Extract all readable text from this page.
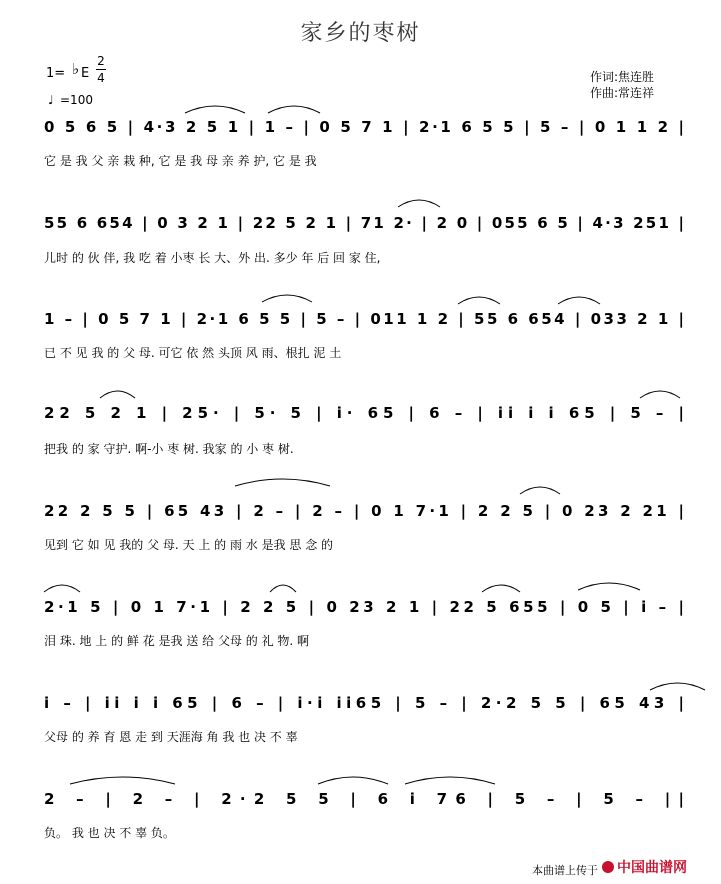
家乡的枣树
作词:焦连胜
作曲:常连祥
1= ♭ E
2
4
♩ =100
0 5 6 5 | 4·3 2 5 1 | 1 – | 0 5 7 1 | 2·1 6 5 5 | 5 – | 0 1 1 2 |
它 是 我 父 亲 栽 种, 它 是 我 母 亲 养 护, 它 是 我
55 6 654 | 0 3 2 1 | 22 5 2 1 | 71 2· | 2 0 | 055 6 5 | 4·3 251 |
儿时 的 伙 伴, 我 吃 着 小枣 长 大、外 出. 多少 年 后 回 家 住,
1 – | 0 5 7 1 | 2·1 6 5 5 | 5 – | 011 1 2 | 55 6 654 | 033 2 1 |
已 不 见 我 的 父 母. 可它 依 然 头顶 风 雨、根扎 泥 土
22 5 2 1 | 25· | 5· 5 | i· 65 | 6 – | ii i i 65 | 5 – |
把我 的 家 守护. 啊-小 枣 树. 我家 的 小 枣 树.
22 2 5 5 | 65 43 | 2 – | 2 – | 0 1 7·1 | 2 2 5 | 0 23 2 21 |
见到 它 如 见 我的 父 母. 天 上 的 雨 水 是我 思 念 的
2·1 5 | 0 1 7·1 | 2 2 5 | 0 23 2 1 | 22 5 655 | 0 5 | i – |
泪 珠. 地 上 的 鲜 花 是我 送 给 父母 的 礼 物. 啊
i – | ii i i 65 | 6 – | i·i ii65 | 5 – | 2·2 5 5 | 65 43 |
父母 的 养 育 恩 走 到 天涯海 角 我 也 决 不 辜
2 – | 2 – | 2·2 5 5 | 6 i 76 | 5 – | 5 – ||
负。 我 也 决 不 辜 负。
本曲谱上传于	中国曲谱网
